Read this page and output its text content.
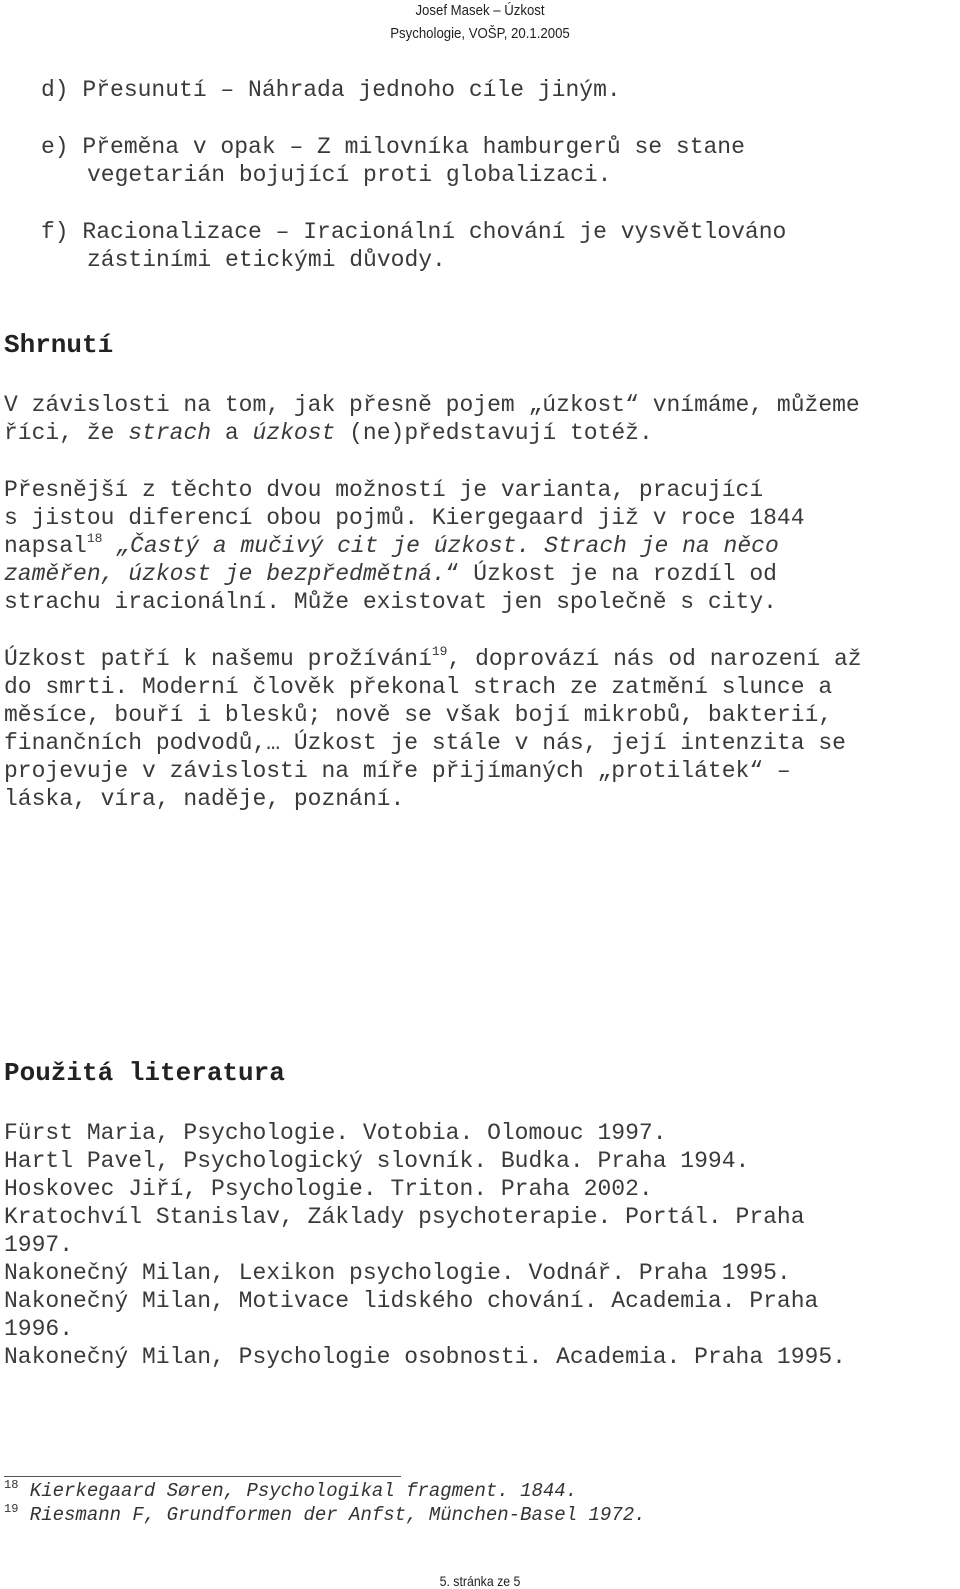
Josef Masek – Úzkost
Psychologie, VOŠP, 20.1.2005
d) Přesunutí – Náhrada jednoho cíle jiným.
e) Přeměna v opak – Z milovníka hamburgerů se stane
vegetarián bojující proti globalizaci.
f) Racionalizace – Iracionální chování je vysvětlováno
zástiními etickými důvody.
Shrnutí
V závislosti na tom, jak přesně pojem „úzkost“ vnímáme, můžeme
říci, že strach a úzkost (ne)představují totéž.
Přesnější z těchto dvou možností je varianta, pracující
s jistou diferencí obou pojmů. Kiergegaard již v roce 1844
napsal$^{18}$ „Častý a mučivý cit je úzkost. Strach je na něco
zaměřen, úzkost je bezpředmětná.“ Úzkost je na rozdíl od
strachu iracionální. Může existovat jen společně s city.
Úzkost patří k našemu prožívání$^{19}$, doprovází nás od narození až
do smrti. Moderní člověk překonal strach ze zatmění slunce a
měsíce, bouří i blesků; nově se však bojí mikrobů, bakterií,
finančních podvodů,… Úzkost je stále v nás, její intenzita se
projevuje v závislosti na míře přijímaných „protilátek“ –
láska, víra, naděje, poznání.
Použitá literatura
Fürst Maria, Psychologie. Votobia. Olomouc 1997.
Hartl Pavel, Psychologický slovník. Budka. Praha 1994.
Hoskovec Jiří, Psychologie. Triton. Praha 2002.
Kratochvíl Stanislav, Základy psychoterapie. Portál. Praha
1997.
Nakonečný Milan, Lexikon psychologie. Vodnář. Praha 1995.
Nakonečný Milan, Motivace lidského chování. Academia. Praha
1996.
Nakonečný Milan, Psychologie osobnosti. Academia. Praha 1995.
$^{18}$ Kierkegaard Søren, Psychologikal fragment. 1844.
$^{19}$ Riesmann F, Grundformen der Anfst, München-Basel 1972.
5. stránka ze 5
